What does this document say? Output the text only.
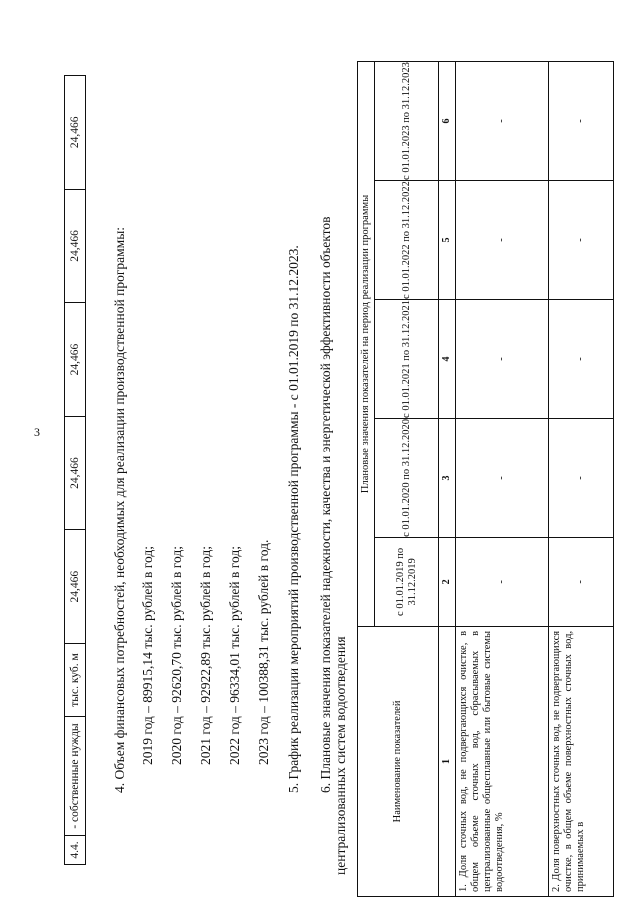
3
4.4.	- собственные нужды	тыс. куб. м	24,466	24,466	24,466	24,466	24,466
4. Объем финансовых потребностей, необходимых для реализации производственной программы: 2019 год – 89915,14 тыс. рублей в год; 2020 год – 92620,70 тыс. рублей в год; 2021 год – 92922,89 тыс. рублей в год; 2022 год – 96334,01 тыс. рублей в год; 2023 год – 100388,31 тыс. рублей в год. 5. График реализации мероприятий производственной программы - с 01.01.2019 по 31.12.2023. 6. Плановые значения показателей надежности, качества и энергетической эффективности объектов централизованных систем водоотведения	Наименование показателей	Плановые значения показателей на период реализации программы				
	с 01.01.2019 по 31.12.2019	с 01.01.2020 по 31.12.2020	с 01.01.2021 по 31.12.2021	с 01.01.2022 по 31.12.2022	с 01.01.2023 по 31.12.2023
1	2	3	4	5	6
1. Доля сточных вод, не подвергающихся очистке, в общем объеме сточных вод, сбрасываемых в централизованные общесплавные или бытовые системы водоотведения, %	-	-	-	-	-
2. Доля поверхностных сточных вод, не подвергающихся очистке, в общем объеме поверхностных сточных вод, принимаемых в	-	-	-	-	-
